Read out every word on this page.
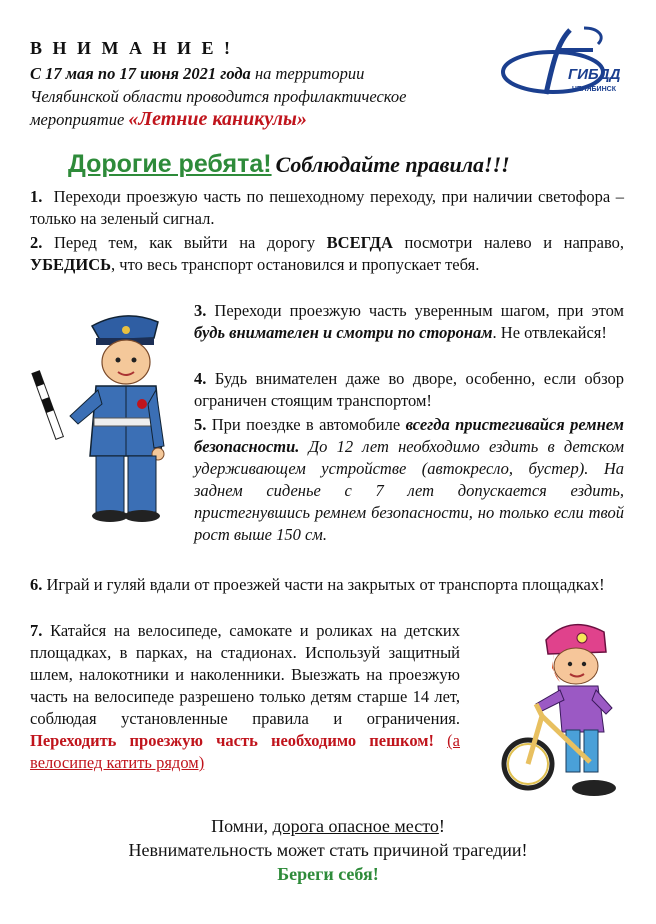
В Н И М А Н И Е !
С 17 мая по 17 июня 2021 года на территории
Челябинской области проводится профилактическое
мероприятие «Летние каникулы»
ГИБДД
ЧЕЛЯБИНСК
Дорогие ребята! Соблюдайте правила!!!
1. Переходи проезжую часть по пешеходному переходу, при наличии светофора – только на зеленый сигнал.
2. Перед тем, как выйти на дорогу ВСЕГДА посмотри налево и направо, УБЕДИСЬ, что весь транспорт остановился и пропускает тебя.
3. Переходи проезжую часть уверенным шагом, при этом будь внимателен и смотри по сторонам. Не отвлекайся!
4. Будь внимателен даже во дворе, особенно, если обзор ограничен стоящим транспортом!
5. При поездке в автомобиле всегда пристегивайся ремнем безопасности. До 12 лет необходимо ездить в детском удерживающем устройстве (автокресло, бустер). На заднем сиденье с 7 лет допускается ездить, пристегнувшись ремнем безопасности, но только если твой рост выше 150 см.
6. Играй и гуляй вдали от проезжей части на закрытых от транспорта площадках!
7. Катайся на велосипеде, самокате и роликах на детских площадках, в парках, на стадионах. Используй защитный шлем, налокотники и наколенники. Выезжать на проезжую часть на велосипеде разрешено только детям старше 14 лет, соблюдая установленные правила и ограничения. Переходить проезжую часть необходимо пешком! (а велосипед катить рядом)
Помни, дорога опасное место!
Невнимательность может стать причиной трагедии!
Береги себя!
